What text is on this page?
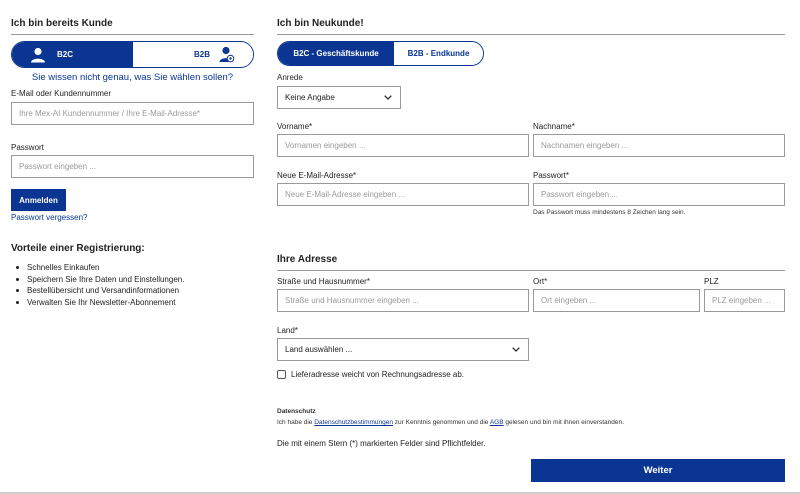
Ich bin bereits Kunde
B2C	B2B
Sie wissen nicht genau, was Sie wählen sollen?
E-Mail oder Kundennummer
Ihre Mex-AI Kundennummer / Ihre E-Mail-Adresse*
Passwort
Passwort eingeben ...
Anmelden
Passwort vergessen?
Vorteile einer Registrierung:
Schnelles Einkaufen
Speichern Sie Ihre Daten und Einstellungen.
Bestellübersicht und Versandinformationen
Verwalten Sie Ihr Newsletter-Abonnement
Ich bin Neukunde!
B2C - Geschäftskunde	B2B - Endkunde
Anrede
Keine Angabe
Vorname*
Vornamen eingeben ...
Nachname*
Nachnamen eingeben ...
Neue E-Mail-Adresse*
Neue E-Mail-Adresse eingeben ...
Passwort*
Passwort eingeben ...
Das Passwort muss mindestens 8 Zeichen lang sein.
Ihre Adresse
Straße und Hausnummer*
Straße und Hausnummer eingeben ...
Ort*
Ort eingeben ...
PLZ
PLZ eingeben ...
Land*
Land auswählen ...
Lieferadresse weicht von Rechnungsadresse ab.
Datenschutz
Ich habe die Datenschutzbestimmungen zur Kenntnis genommen und die AGB gelesen und bin mit ihnen einverstanden.
Die mit einem Stern (*) markierten Felder sind Pflichtfelder.
Weiter
